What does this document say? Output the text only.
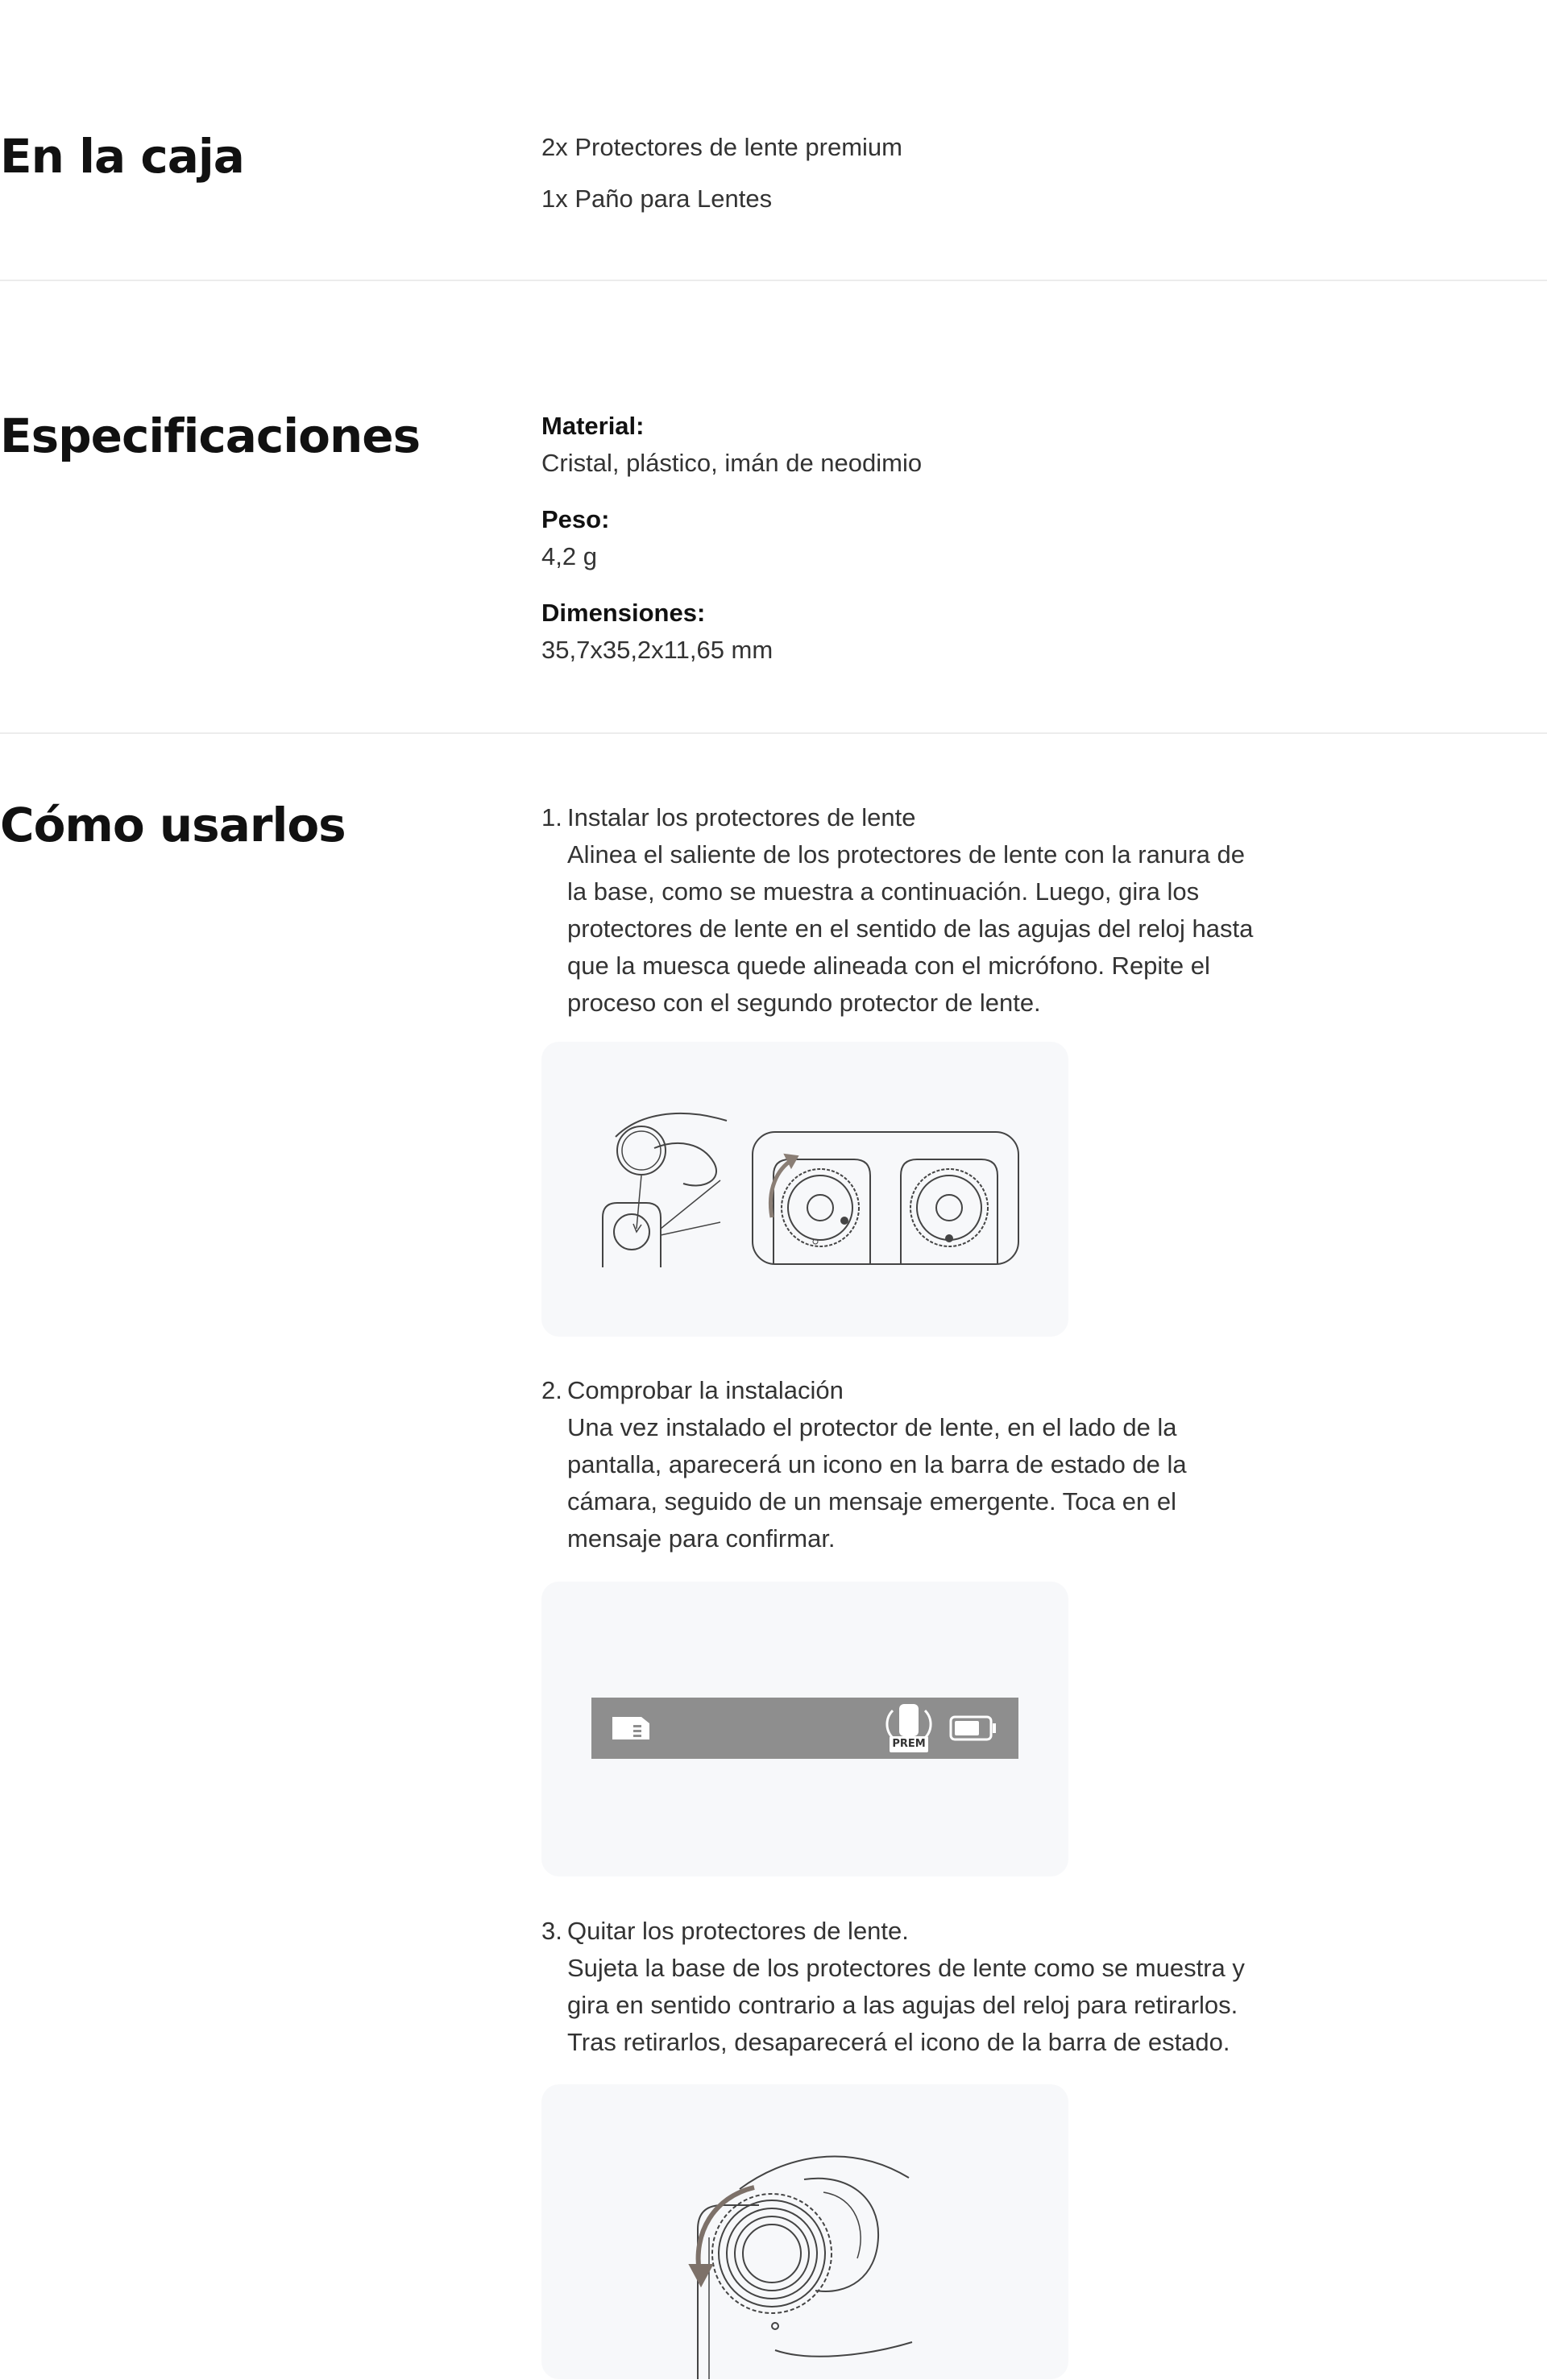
En la caja	2x Protectores de lente premium

1x Paño para Lentes

Especificaciones	Material:

Cristal, plástico, imán de neodimio

Peso:

4,2 g

Dimensiones:

35,7x35,2x11,65 mm

Cómo usarlos	1. Instalar los protectores de lente

Alinea el saliente de los protectores de lente con la ranura de la base, como se muestra a continuación. Luego, gira los protectores de lente en el sentido de las agujas del reloj hasta que la muesca quede alineada con el micrófono. Repite el proceso con el segundo protector de lente.

2. Comprobar la instalación

Una vez instalado el protector de lente, en el lado de la pantalla, aparecerá un icono en la barra de estado de la cámara, seguido de un mensaje emergente. Toca en el mensaje para confirmar.

PREM

3. Quitar los protectores de lente.

Sujeta la base de los protectores de lente como se muestra y gira en sentido contrario a las agujas del reloj para retirarlos. Tras retirarlos, desaparecerá el icono de la barra de estado.
